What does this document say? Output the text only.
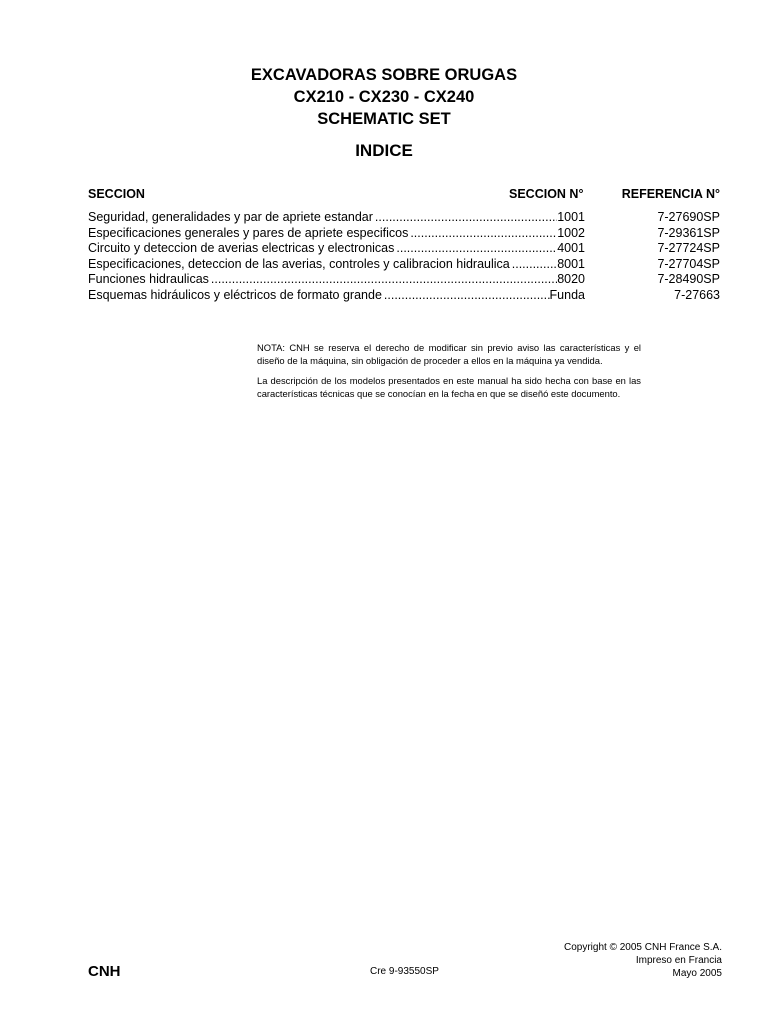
EXCAVADORAS SOBRE ORUGAS
CX210 - CX230 - CX240
SCHEMATIC SET
INDICE
SECCION	SECCION N°	REFERENCIA N°
Seguridad, generalidades y par de apriete estandar .....	1001	7-27690SP
Especificaciones generales y pares de apriete especificos .....	1002	7-29361SP
Circuito y deteccion de averias electricas y electronicas .....	4001	7-27724SP
Especificaciones, deteccion de las averias, controles y calibracion hidraulica .....	8001	7-27704SP
Funciones hidraulicas .....	8020	7-28490SP
Esquemas hidráulicos y eléctricos de formato grande .....	Funda	7-27663

NOTA: CNH se reserva el derecho de modificar sin previo aviso las características y el diseño de la máquina, sin obligación de proceder a ellos en la máquina ya vendida.

La descripción de los modelos presentados en este manual ha sido hecha con base en las características técnicas que se conocían en la fecha en que se diseñó este documento.

CNH	Cre 9-93550SP
Copyright © 2005 CNH France S.A.
Impreso en Francia
Mayo 2005
